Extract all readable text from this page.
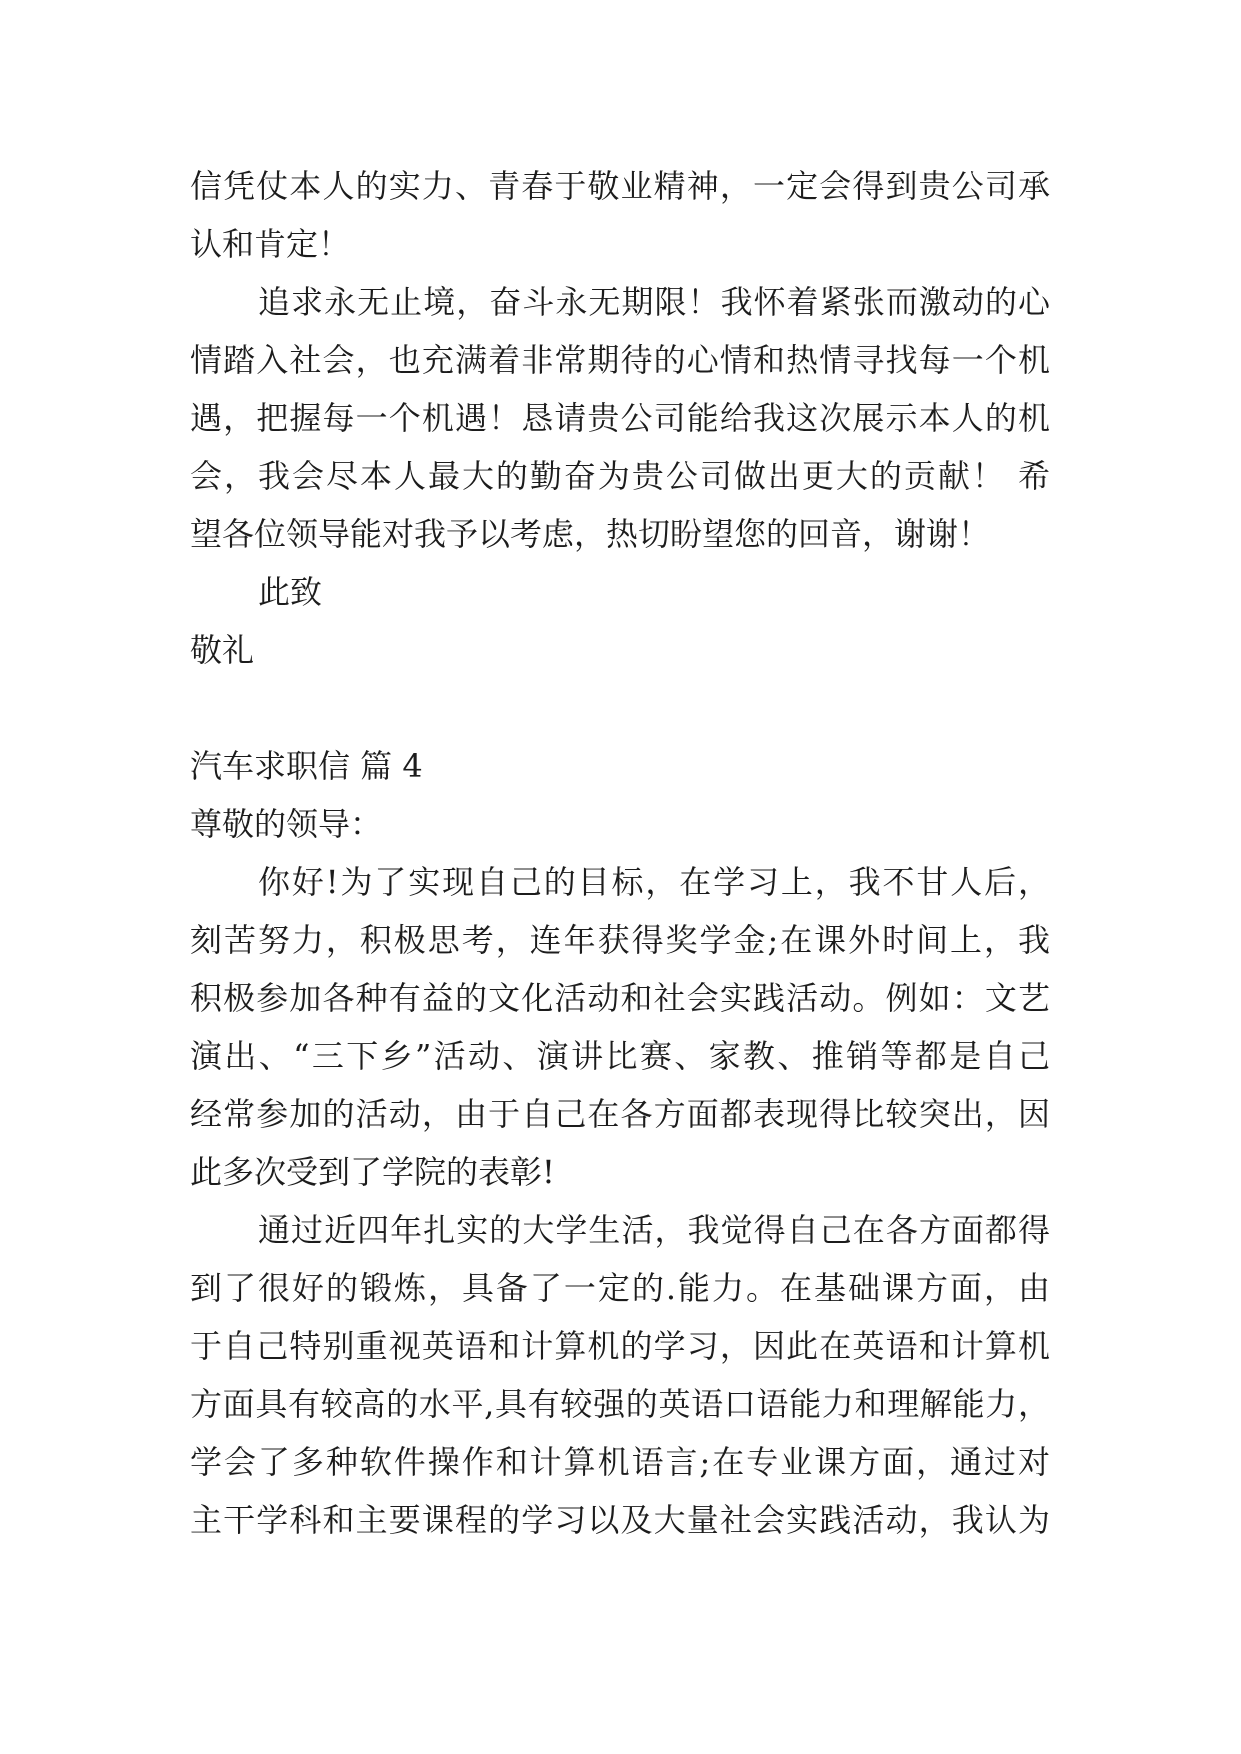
信凭仗本人的实力、青春于敬业精神，一定会得到贵公司承
认和肯定！
追求永无止境，奋斗永无期限！我怀着紧张而激动的心
情踏入社会，也充满着非常期待的心情和热情寻找每一个机
遇，把握每一个机遇！恳请贵公司能给我这次展示本人的机
会，我会尽本人最大的勤奋为贵公司做出更大的贡献！ 希
望各位领导能对我予以考虑，热切盼望您的回音，谢谢！
此致
敬礼
汽车求职信 篇 4
尊敬的领导：
你好!为了实现自己的目标，在学习上，我不甘人后，
刻苦努力，积极思考，连年获得奖学金;在课外时间上，我
积极参加各种有益的文化活动和社会实践活动。例如：文艺
演出、“三下乡”活动、演讲比赛、家教、推销等都是自己
经常参加的活动，由于自己在各方面都表现得比较突出，因
此多次受到了学院的表彰!
通过近四年扎实的大学生活，我觉得自己在各方面都得
到了很好的锻炼，具备了一定的.能力。在基础课方面，由
于自己特别重视英语和计算机的学习，因此在英语和计算机
方面具有较高的水平,具有较强的英语口语能力和理解能力，
学会了多种软件操作和计算机语言;在专业课方面，通过对
主干学科和主要课程的学习以及大量社会实践活动，我认为
